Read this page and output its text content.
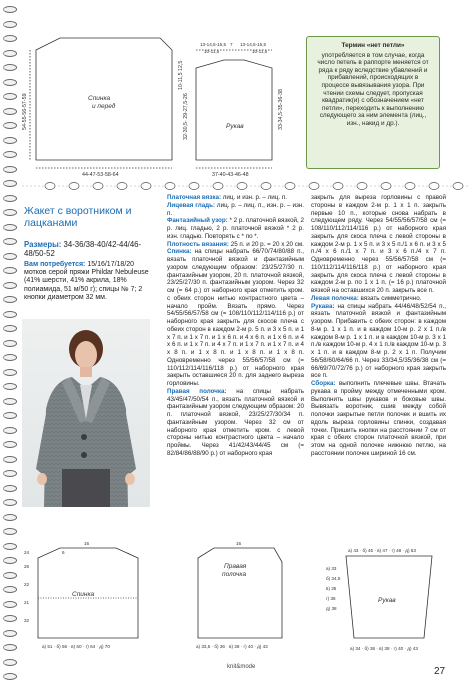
Спинка
и перед
44-47-53-58-64
54-55-56-57-59
13-14,5-15,5
10-11,5
7 13-14,5-15,5
10-11,5
Рукав
37-40-43-46-48
10-11,5 12,5
32-30,5- 29-27,5-26	33-34,5-35-36-38
Термин «нет петли»
употребляется в том случае, когда число петель в раппорте меняется от ряда к ряду вследствие убавлений и прибавлений, происходящих в процессе вывязывания узора. При чтении схемы следует, пропуская квадратик(и) с обозначением «нет петли», переходить к выполнению следующего за ним элемента (лиц., изн., накид и др.).
Жакет с воротником и лацканами
Размеры: 34-36/38-40/42-44/46-48/50-52
Вам потребуется: 15/16/17/18/20 мотков серой пряжи Phildar Nebuleuse (41% шерсти, 41% акрила, 18% полиамида, 51 м/50 г); спицы № 7; 2 кнопки диаметром 32 мм.
Платочная вязка: лиц. и изн. р. – лиц. п.
Лицевая гладь: лиц. р. – лиц. п., изн. р. – изн. п.
Фантазийный узор: * 2 р. платочной вязкой, 2 р. лиц. гладью, 2 р. платочной вязкой * 2 р. изн. гладью. Повторять с * по *.
Плотность вязания: 25 п. и 20 р. = 20 х 20 см.
Спинка: на спицы набрать 66/70/74/80/88 п., вязать платочной вязкой и фантазийным узором следующим образом: 23/25/27/30 п. фантазийным узором, 20 п. платочной вязкой, 23/25/27/30 п. фантазийным узором. Через 32 см (= 64 р.) от наборного края отметить кром. с обеих сторон нитью контрастного цвета – начало пройм. Вязать прямо. Через 54/55/56/57/58 см (= 108/110/112/114/116 р.) от наборного края закрыть для скосов плеча с обеих сторон в каждом 2-м р. 5 п. и 3 х 5 п. и 1 х 7 п. и 1 х 7 п. и 1 х 6 п. и 4 х 6 п. и 1 х 6 п. и 4 х 6 п. и 1 х 7 п. и 4 х 7 п. и 1 х 7 п. и 1 х 7 п. и 4 х 8 п. и 1 х 8 п. и 1 х 8 п. и 1 х 8 п. Одновременно через 55/56/57/58 см (= 110/112/114/116/118 р.) от наборного края закрыть оставшиеся 20 п. для заднего выреза горловины.
Правая полочка: на спицы набрать 43/45/47/50/54 п., вязать платочной вязкой и фантазийным узором следующим образом: 20 п. платочной вязкой, 23/25/27/30/34 п. фантазийным узором. Через 32 см от наборного края отметить кром. с левой стороны нитью контрастного цвета – начало проймы. Через 41/42/43/44/45 см (= 82/84/86/88/90 р.) от наборного края
закрыть для выреза горловины с правой стороны в каждом 2-м р. 1 х 1 п. закрыть первые 10 п., которые снова набрать в следующем ряду. Через 54/55/56/57/58 см (= 108/110/112/114/116 р.) от наборного края закрыть для скоса плеча с левой стороны в каждом 2-м р. 1 х 5 п. и 3 х 5 п./1 х 6 п. и 3 х 5 п./4 х 6 п./1 х 7 п. и 3 х 6 п./4 х 7 п. Одновременно через 55/56/57/58 см (= 110/112/114/116/118 р.) от наборного края закрыть для скоса плеча с левой стороны в каждом 2-м р. по 1 х 1 п. (= 16 р.) платочной вязкой на оставшихся 20 п. закрыть все п.
Левая полочка: вязать симметрично.
Рукава: на спицы набрать 44/46/48/52/54 п., вязать платочной вязкой и фантазийным узором. Прибавить с обеих сторон: в каждом 8-м р. 1 х 1 п. и в каждом 10-м р. 2 х 1 п./в каждом 8-м р. 1 х 1 п. и в каждом 10-м р. 3 х 1 п./в каждом 10-м р. 4 х 1 п./в каждом 10-м р. 3 х 1 п. и в каждом 8-м р. 2 х 1 п. Получим 56/58/60/64/66 п. Через 33/34,5/35/36/38 см (= 66/69/70/72/76 р.) от наборного края закрыть все п.
Сборка: выполнить плечевые швы. Втачать рукава в пройму между отмеченными кром. Выполнить швы рукавов и боковые швы. Вывязать воротник, сшив между собой полочки закрытые петли полочек и вшить их вдоль выреза горловины спинки, создавая точки. Пришить кнопки на расстоянии 7 см от края с обеих сторон платочной вязкой, при этом на одной полочке нижнюю петлю, на расстоянии полочек шириной 16 см.
Спинка
16
6
24
26
22
21
32
a) 51 · б) 56 · в) 60 · г) 64 · д) 70
Правая
полочка
16
a) 33,5 · б) 36 · в) 38 · г) 40 · д) 43
Рукав
a) 43 · б) 45 · в) 47 · г) 48 · д) 53
a) 34 · б) 36 · в) 38 · г) 40 · д) 43
a) 33
б) 34,5
в) 35
г) 36
д) 38
knit&mode	27
